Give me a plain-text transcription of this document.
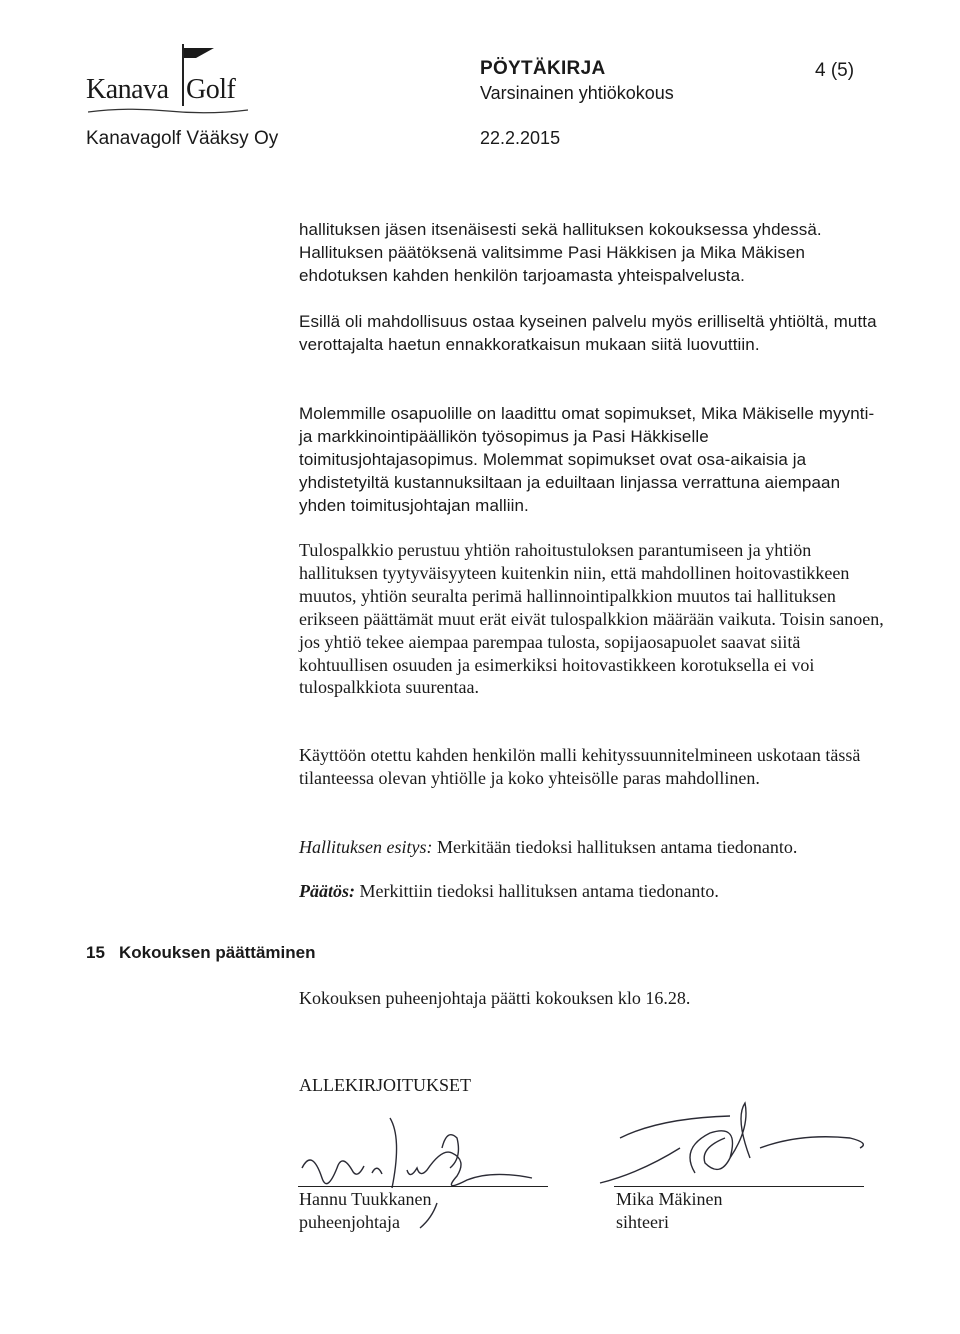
Kanava Golf
Kanavagolf Vääksy Oy
PÖYTÄKIRJA
Varsinainen yhtiökokous
22.2.2015
4 (5)

hallituksen jäsen itsenäisesti sekä hallituksen kokouksessa yhdessä. Hallituksen päätöksenä valitsimme Pasi Häkkisen ja Mika Mäkisen ehdotuksen kahden henkilön tarjoamasta yhteispalvelusta.

Esillä oli mahdollisuus ostaa kyseinen palvelu myös erilliseltä yhtiöltä, mutta verottajalta haetun ennakkoratkaisun mukaan siitä luovuttiin.

Molemmille osapuolille on laadittu omat sopimukset, Mika Mäkiselle myynti- ja markkinointipäällikön työsopimus ja Pasi Häkkiselle toimitusjohtajasopimus. Molemmat sopimukset ovat osa-aikaisia ja yhdistetyiltä kustannuksiltaan ja eduiltaan linjassa verrattuna aiempaan yhden toimitusjohtajan malliin.

Tulospalkkio perustuu yhtiön rahoitustuloksen parantumiseen ja yhtiön hallituksen tyytyväisyyteen kuitenkin niin, että mahdollinen hoitovastikkeen muutos, yhtiön seuralta perimä hallinnointipalkkion muutos tai hallituksen erikseen päättämät muut erät eivät tulospalkkion määrään vaikuta. Toisin sanoen, jos yhtiö tekee aiempaa parempaa tulosta, sopijaosapuolet saavat siitä kohtuullisen osuuden ja esimerkiksi hoitovastikkeen korotuksella ei voi tulospalkkiota suurentaa.

Käyttöön otettu kahden henkilön malli kehityssuunnitelmineen uskotaan tässä tilanteessa olevan yhtiölle ja koko yhteisölle paras mahdollinen.

Hallituksen esitys: Merkitään tiedoksi hallituksen antama tiedonanto.

Päätös: Merkittiin tiedoksi hallituksen antama tiedonanto.

15 Kokouksen päättäminen

Kokouksen puheenjohtaja päätti kokouksen klo 16.28.

ALLEKIRJOITUKSET
Hannu Tuukkanen
puheenjohtaja
Mika Mäkinen
sihteeri
